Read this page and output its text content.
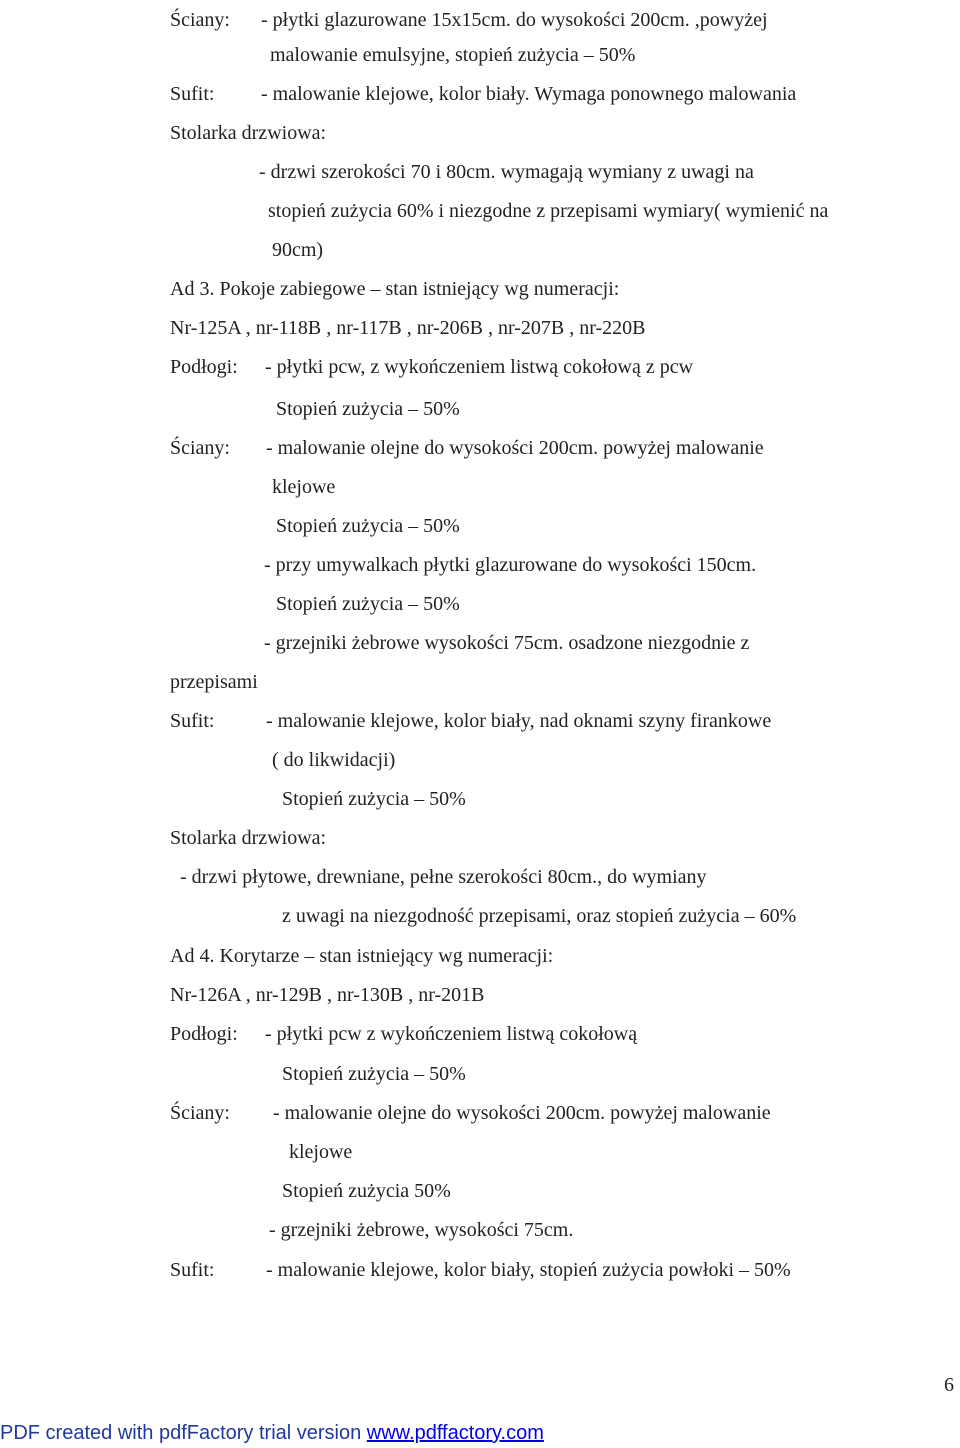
Ściany: - płytki glazurowane 15x15cm. do wysokości 200cm. ,powyżej
malowanie emulsyjne, stopień zużycia – 50%
Sufit: - malowanie klejowe, kolor biały. Wymaga ponownego malowania
Stolarka drzwiowa:
- drzwi szerokości 70 i 80cm. wymagają wymiany z uwagi na
stopień zużycia 60% i niezgodne z przepisami wymiary( wymienić na
90cm)
Ad 3. Pokoje zabiegowe – stan istniejący wg numeracji:
Nr-125A , nr-118B , nr-117B , nr-206B , nr-207B , nr-220B
Podłogi: - płytki pcw, z wykończeniem listwą cokołową z pcw
Stopień zużycia – 50%
Ściany: - malowanie olejne do wysokości 200cm. powyżej malowanie
klejowe
Stopień zużycia – 50%
- przy umywalkach płytki glazurowane do wysokości 150cm.
Stopień zużycia – 50%
- grzejniki żebrowe wysokości 75cm. osadzone niezgodnie z
przepisami
Sufit:	- malowanie klejowe, kolor biały, nad oknami szyny firankowe
( do likwidacji)
Stopień zużycia – 50%
Stolarka drzwiowa:
- drzwi płytowe, drewniane, pełne szerokości 80cm., do wymiany
z uwagi na niezgodność przepisami, oraz stopień zużycia – 60%
Ad 4. Korytarze – stan istniejący wg numeracji:
Nr-126A , nr-129B , nr-130B , nr-201B
Podłogi: - płytki pcw z wykończeniem listwą cokołową
Stopień zużycia – 50%
Ściany: - malowanie olejne do wysokości 200cm. powyżej malowanie
klejowe
Stopień zużycia 50%
- grzejniki żebrowe, wysokości 75cm.
Sufit:	- malowanie klejowe, kolor biały, stopień zużycia powłoki – 50%
6
PDF created with pdfFactory trial version www.pdffactory.com
